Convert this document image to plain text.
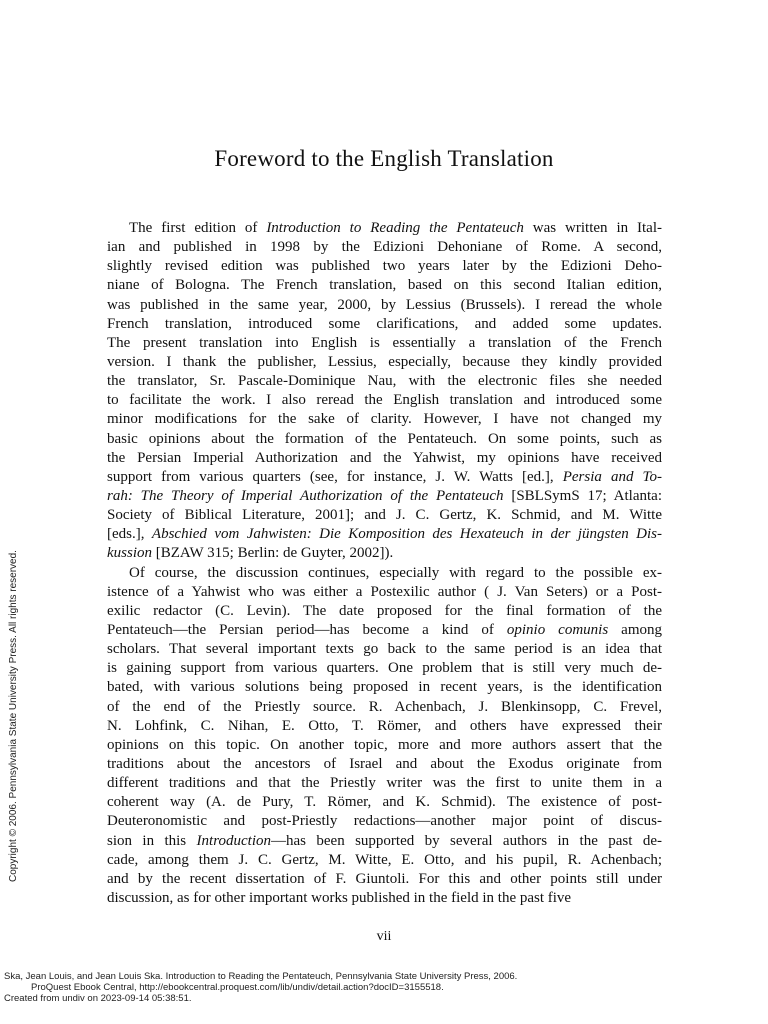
Foreword to the English Translation
The first edition of Introduction to Reading the Pentateuch was written in Ital-
ian and published in 1998 by the Edizioni Dehoniane of Rome. A second,
slightly revised edition was published two years later by the Edizioni Deho-
niane of Bologna. The French translation, based on this second Italian edition,
was published in the same year, 2000, by Lessius (Brussels). I reread the whole
French translation, introduced some clarifications, and added some updates.
The present translation into English is essentially a translation of the French
version. I thank the publisher, Lessius, especially, because they kindly provided
the translator, Sr. Pascale-Dominique Nau, with the electronic files she needed
to facilitate the work. I also reread the English translation and introduced some
minor modifications for the sake of clarity. However, I have not changed my
basic opinions about the formation of the Pentateuch. On some points, such as
the Persian Imperial Authorization and the Yahwist, my opinions have received
support from various quarters (see, for instance, J. W. Watts [ed.], Persia and To-
rah: The Theory of Imperial Authorization of the Pentateuch [SBLSymS 17; Atlanta:
Society of Biblical Literature, 2001]; and J. C. Gertz, K. Schmid, and M. Witte
[eds.], Abschied vom Jahwisten: Die Komposition des Hexateuch in der jüngsten Dis-
kussion [BZAW 315; Berlin: de Guyter, 2002]).
Of course, the discussion continues, especially with regard to the possible ex-
istence of a Yahwist who was either a Postexilic author ( J. Van Seters) or a Post-
exilic redactor (C. Levin). The date proposed for the final formation of the
Pentateuch—the Persian period—has become a kind of opinio comunis among
scholars. That several important texts go back to the same period is an idea that
is gaining support from various quarters. One problem that is still very much de-
bated, with various solutions being proposed in recent years, is the identification
of the end of the Priestly source. R. Achenbach, J. Blenkinsopp, C. Frevel,
N. Lohfink, C. Nihan, E. Otto, T. Römer, and others have expressed their
opinions on this topic. On another topic, more and more authors assert that the
traditions about the ancestors of Israel and about the Exodus originate from
different traditions and that the Priestly writer was the first to unite them in a
coherent way (A. de Pury, T. Römer, and K. Schmid). The existence of post-
Deuteronomistic and post-Priestly redactions—another major point of discus-
sion in this Introduction—has been supported by several authors in the past de-
cade, among them J. C. Gertz, M. Witte, E. Otto, and his pupil, R. Achenbach;
and by the recent dissertation of F. Giuntoli. For this and other points still under
discussion, as for other important works published in the field in the past five
vii
Copyright © 2006. Pennsylvania State University Press. All rights reserved.
Ska, Jean Louis, and Jean Louis Ska. Introduction to Reading the Pentateuch, Pennsylvania State University Press, 2006.
ProQuest Ebook Central, http://ebookcentral.proquest.com/lib/undiv/detail.action?docID=3155518.
Created from undiv on 2023-09-14 05:38:51.
